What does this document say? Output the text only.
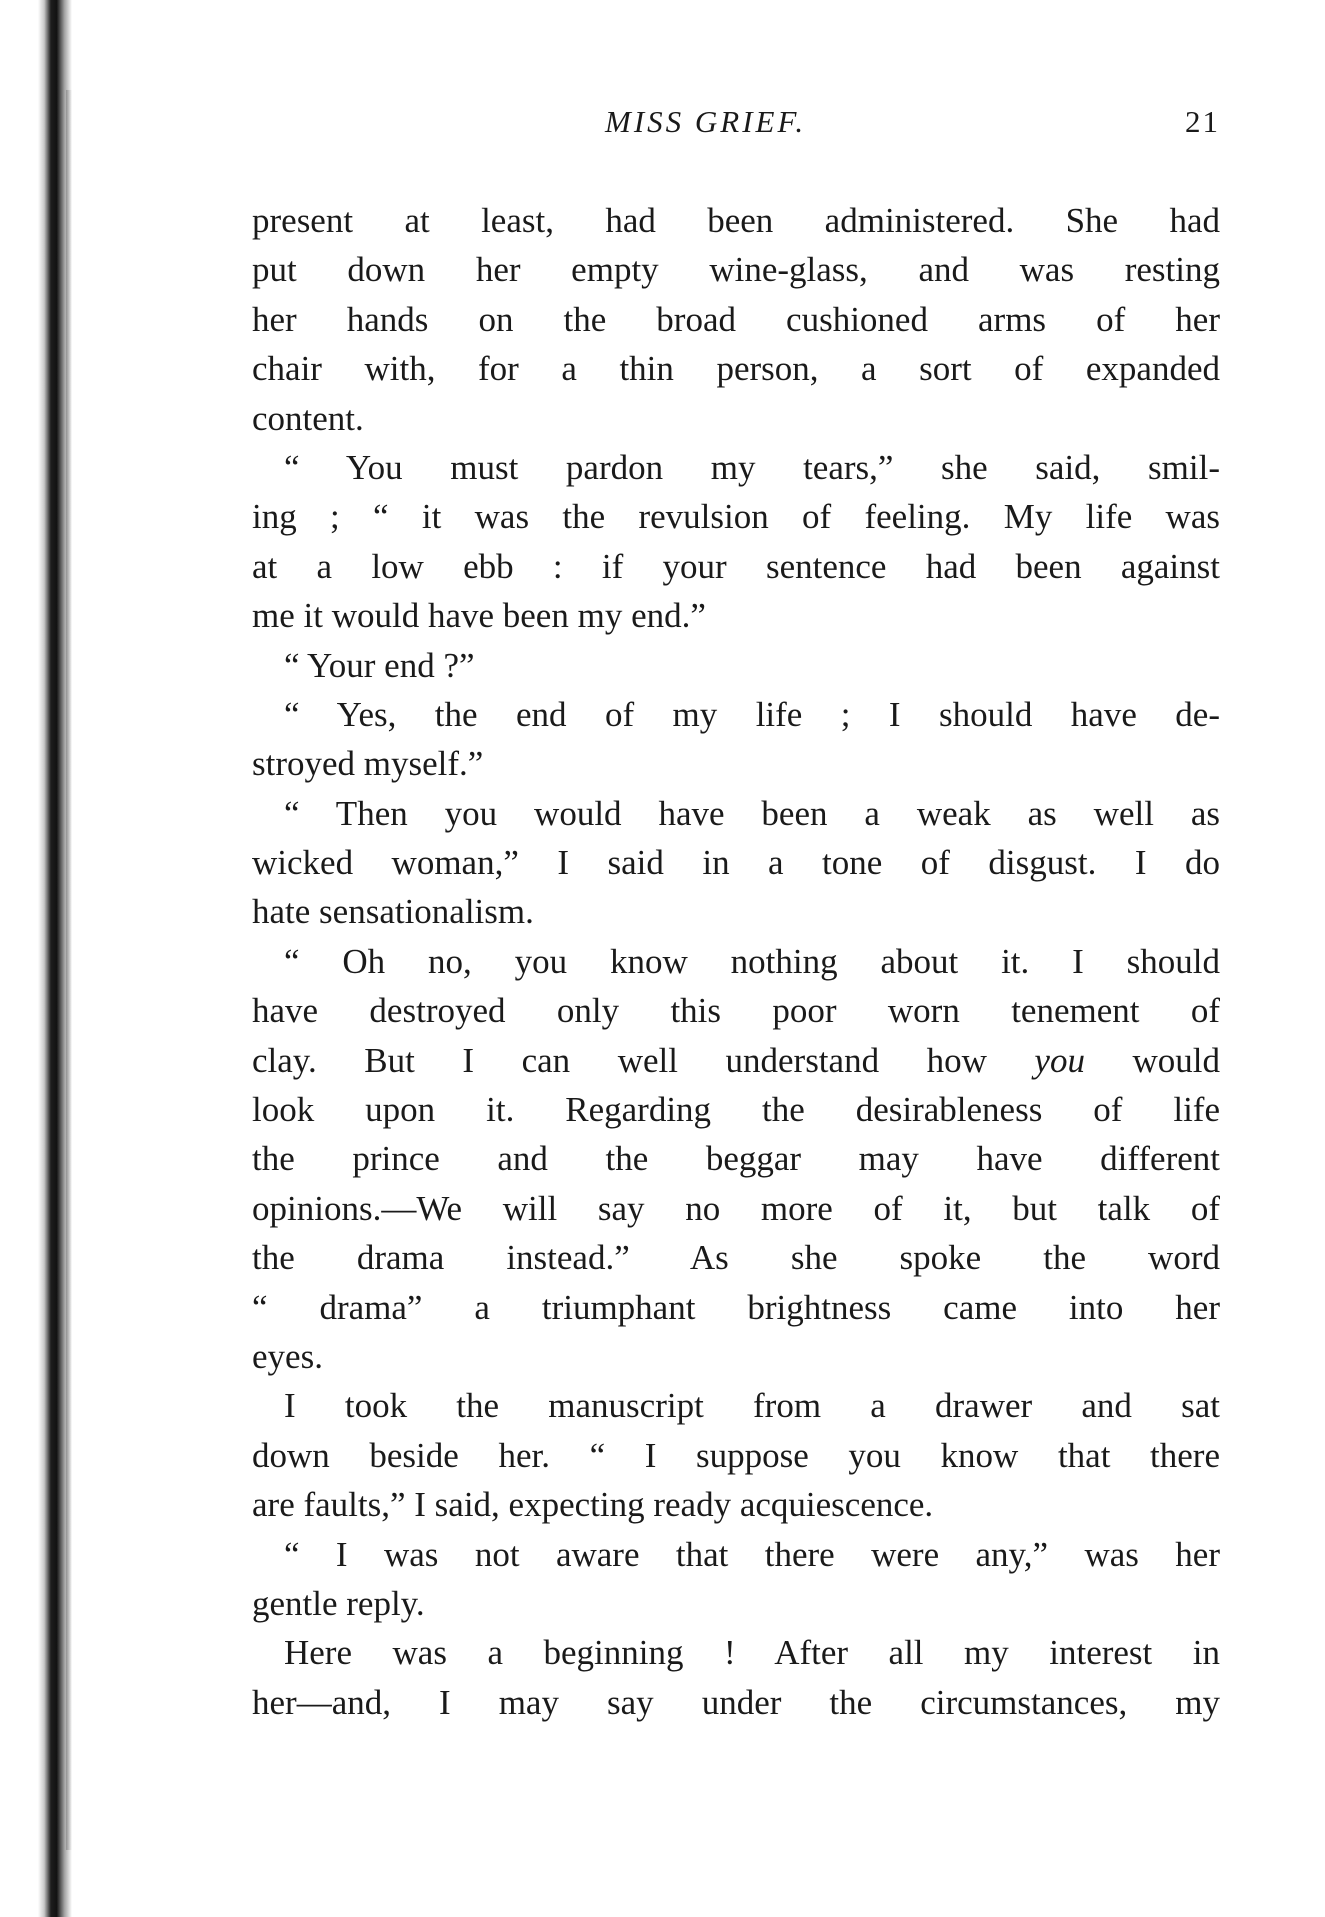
MISS GRIEF.	21
present at least, had been administered. She had
put down her empty wine-glass, and was resting
her hands on the broad cushioned arms of her
chair with, for a thin person, a sort of expanded
content.
“ You must pardon my tears,” she said, smil-
ing ; “ it was the revulsion of feeling. My life was
at a low ebb : if your sentence had been against
me it would have been my end.”
“ Your end ?”
“ Yes, the end of my life ; I should have de-
stroyed myself.”
“ Then you would have been a weak as well as
wicked woman,” I said in a tone of disgust. I do
hate sensationalism.
“ Oh no, you know nothing about it. I should
have destroyed only this poor worn tenement of
clay. But I can well understand how you would
look upon it. Regarding the desirableness of life
the prince and the beggar may have different
opinions.—We will say no more of it, but talk of
the drama instead.” As she spoke the word
“ drama” a triumphant brightness came into her
eyes.
I took the manuscript from a drawer and sat
down beside her. “ I suppose you know that there
are faults,” I said, expecting ready acquiescence.
“ I was not aware that there were any,” was her
gentle reply.
Here was a beginning ! After all my interest in
her—and, I may say under the circumstances, my
